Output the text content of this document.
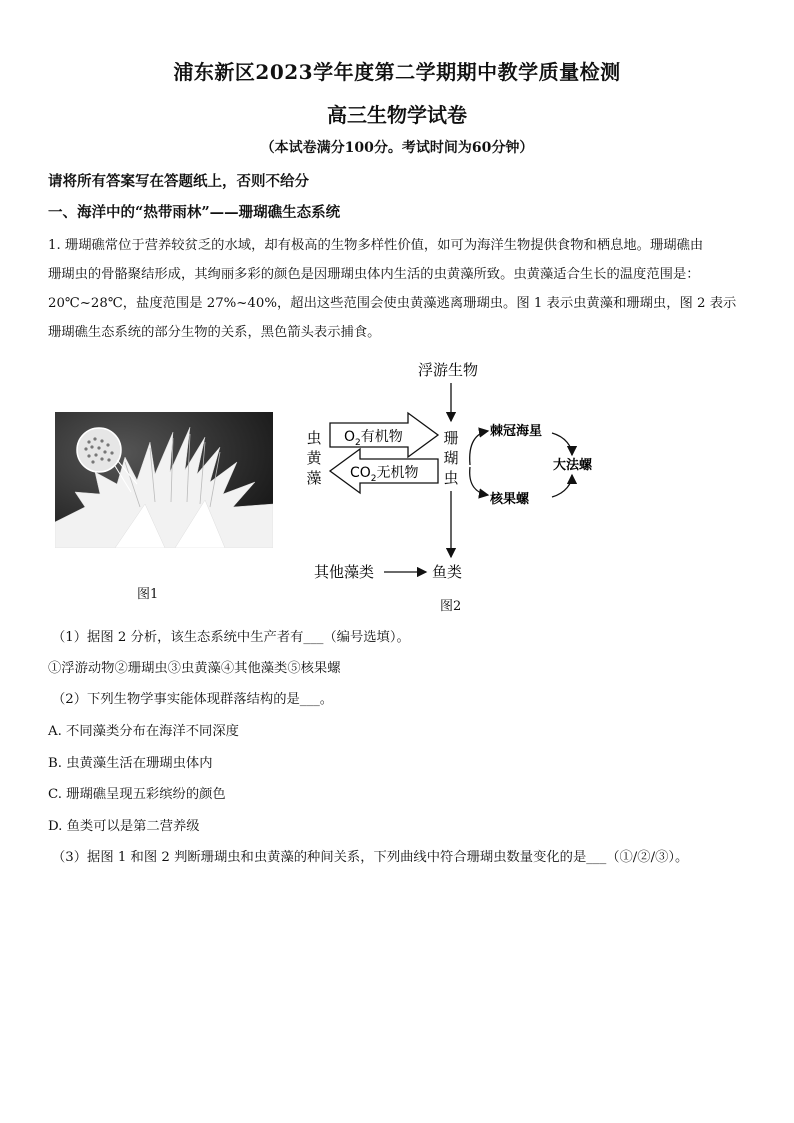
浦东新区2023学年度第二学期期中教学质量检测
高三生物学试卷
（本试卷满分100分。考试时间为60分钟）
请将所有答案写在答题纸上，否则不给分
一、海洋中的“热带雨林”——珊瑚礁生态系统
1. 珊瑚礁常位于营养较贫乏的水域，却有极高的生物多样性价值，如可为海洋生物提供食物和栖息地。珊瑚礁由
珊瑚虫的骨骼聚结形成，其绚丽多彩的颜色是因珊瑚虫体内生活的虫黄藻所致。虫黄藻适合生长的温度范围是：
20℃~28℃，盐度范围是 27%~40%，超出这些范围会使虫黄藻逃离珊瑚虫。图 1 表示虫黄藻和珊瑚虫，图 2 表示
珊瑚礁生态系统的部分生物的关系，黑色箭头表示捕食。
图1
浮游生物
虫
黄
藻
珊
瑚
虫
$O_2$有机物
$CO_2$无机物
棘冠海星
核果螺
大法螺
其他藻类	鱼类
图2
（1）据图 2 分析，该生态系统中生产者有___（编号选填）。
①浮游动物②珊瑚虫③虫黄藻④其他藻类⑤核果螺
（2）下列生物学事实能体现群落结构的是___。
A. 不同藻类分布在海洋不同深度
B. 虫黄藻生活在珊瑚虫体内
C. 珊瑚礁呈现五彩缤纷的颜色
D. 鱼类可以是第二营养级
（3）据图 1 和图 2 判断珊瑚虫和虫黄藻的种间关系，下列曲线中符合珊瑚虫数量变化的是___（①/②/③）。
